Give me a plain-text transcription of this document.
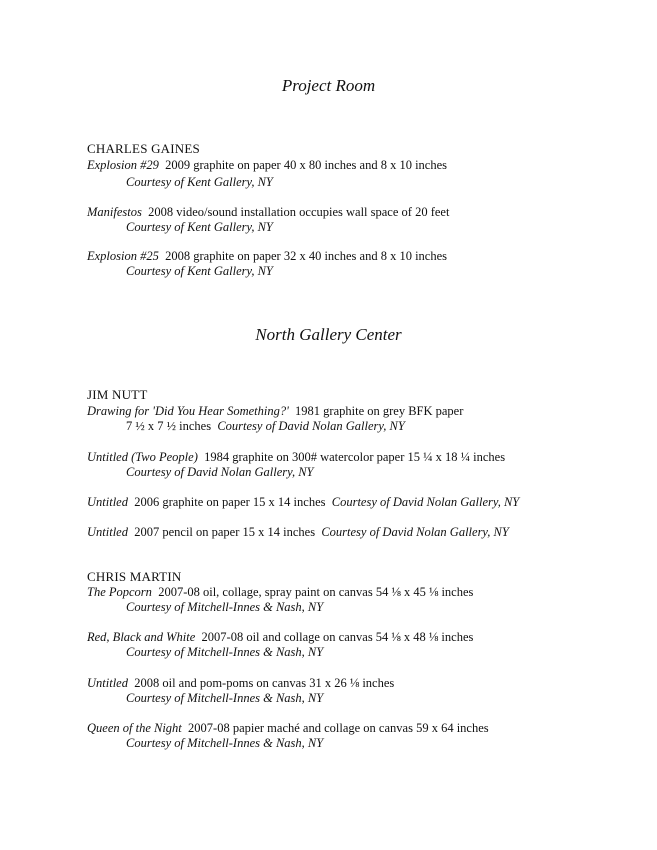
Project Room

CHARLES GAINES

Explosion #29 2009 graphite on paper 40 x 80 inches and 8 x 10 inches

Courtesy of Kent Gallery, NY

Manifestos 2008 video/sound installation occupies wall space of 20 feet

Courtesy of Kent Gallery, NY

Explosion #25 2008 graphite on paper 32 x 40 inches and 8 x 10 inches

Courtesy of Kent Gallery, NY

North Gallery Center

JIM NUTT

Drawing for 'Did You Hear Something?' 1981 graphite on grey BFK paper

7 ½ x 7 ½ inches Courtesy of David Nolan Gallery, NY

Untitled (Two People) 1984 graphite on 300# watercolor paper 15 ¼ x 18 ¼ inches

Courtesy of David Nolan Gallery, NY

Untitled 2006 graphite on paper 15 x 14 inches Courtesy of David Nolan Gallery, NY

Untitled 2007 pencil on paper 15 x 14 inches Courtesy of David Nolan Gallery, NY

CHRIS MARTIN

The Popcorn 2007-08 oil, collage, spray paint on canvas 54 ⅛ x 45 ⅛ inches

Courtesy of Mitchell-Innes & Nash, NY

Red, Black and White 2007-08 oil and collage on canvas 54 ⅛ x 48 ⅛ inches

Courtesy of Mitchell-Innes & Nash, NY

Untitled 2008 oil and pom-poms on canvas 31 x 26 ⅛ inches

Courtesy of Mitchell-Innes & Nash, NY

Queen of the Night 2007-08 papier maché and collage on canvas 59 x 64 inches

Courtesy of Mitchell-Innes & Nash, NY
